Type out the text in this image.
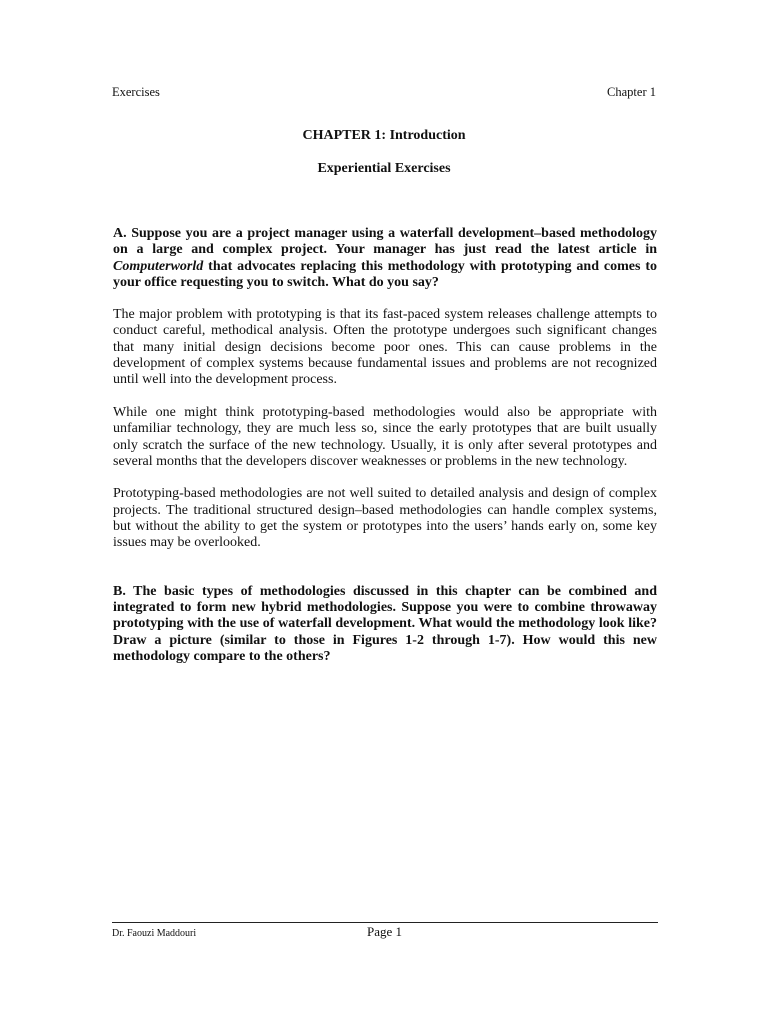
Exercises	Chapter 1
CHAPTER 1: Introduction
Experiential Exercises

A. Suppose you are a project manager using a waterfall development–based methodology on a large and complex project. Your manager has just read the latest article in Computerworld that advocates replacing this methodology with prototyping and comes to your office requesting you to switch. What do you say?

The major problem with prototyping is that its fast-paced system releases challenge attempts to conduct careful, methodical analysis. Often the prototype undergoes such significant changes that many initial design decisions become poor ones. This can cause problems in the development of complex systems because fundamental issues and problems are not recognized until well into the development process.

While one might think prototyping-based methodologies would also be appropriate with unfamiliar technology, they are much less so, since the early prototypes that are built usually only scratch the surface of the new technology. Usually, it is only after several prototypes and several months that the developers discover weaknesses or problems in the new technology.

Prototyping-based methodologies are not well suited to detailed analysis and design of complex projects. The traditional structured design–based methodologies can handle complex systems, but without the ability to get the system or prototypes into the users’ hands early on, some key issues may be overlooked.

B. The basic types of methodologies discussed in this chapter can be combined and integrated to form new hybrid methodologies. Suppose you were to combine throwaway prototyping with the use of waterfall development. What would the methodology look like? Draw a picture (similar to those in Figures 1-2 through 1-7). How would this new methodology compare to the others?

Dr. Faouzi Maddouri	Page 1
